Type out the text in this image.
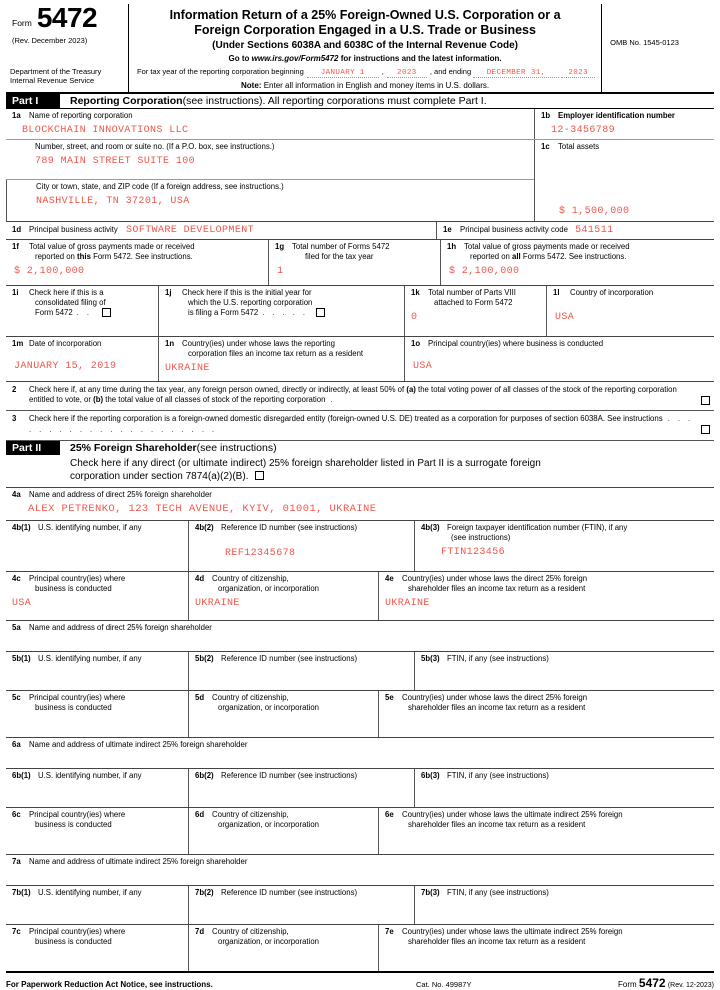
Form 5472
(Rev. December 2023)
Department of the Treasury
Internal Revenue Service
Information Return of a 25% Foreign-Owned U.S. Corporation or a
Foreign Corporation Engaged in a U.S. Trade or Business
(Under Sections 6038A and 6038C of the Internal Revenue Code)
Go to www.irs.gov/Form5472 for instructions and the latest information.
For tax year of the reporting corporation beginning	JANUARY 1	,	2023	, and ending	DECEMBER 31,	2023
Note: Enter all information in English and money items in U.S. dollars.
OMB No. 1545-0123
Part I	Reporting Corporation (see instructions). All reporting corporations must complete Part I.
1a Name of reporting corporation
BLOCKCHAIN INNOVATIONS LLC
1b Employer identification number
12-3456789
Number, street, and room or suite no. (If a P.O. box, see instructions.)
789 MAIN STREET SUITE 100
City or town, state, and ZIP code (If a foreign address, see instructions.)
NASHVILLE, TN 37201, USA
1c Total assets
$ 1,500,000
1d Principal business activity SOFTWARE DEVELOPMENT	1e Principal business activity code 541511
1f Total value of gross payments made or received
reported on this Form 5472. See instructions.
$ 2,100,000
1g Total number of Forms 5472
filed for the tax year
1
1h Total value of gross payments made or received
reported on all Forms 5472. See instructions.
$ 2,100,000
1i Check here if this is a
consolidated filing of
Form 5472 . .
1j Check here if this is the initial year for
which the U.S. reporting corporation
is filing a Form 5472 . . . . .
1k Total number of Parts VIII
attached to Form 5472
0
1l Country of incorporation
USA
1m Date of incorporation
JANUARY 15, 2019
1n Country(ies) under whose laws the reporting
corporation files an income tax return as a resident
UKRAINE
1o Principal country(ies) where business is conducted
USA
2	Check here if, at any time during the tax year, any foreign person owned, directly or indirectly, at least 50% of (a) the total voting power of all classes of the stock of the reporting corporation entitled to vote, or (b) the total value of all classes of stock of the reporting corporation .
3	Check here if the reporting corporation is a foreign-owned domestic disregarded entity (foreign-owned U.S. DE) treated as a corporation for purposes of section 6038A. See instructions . . . . . . . . . . . . . . . . . . . . . .
Part II	25% Foreign Shareholder (see instructions)
Check here if any direct (or ultimate indirect) 25% foreign shareholder listed in Part II is a surrogate foreign
corporation under section 7874(a)(2)(B).
4a Name and address of direct 25% foreign shareholder
ALEX PETRENKO, 123 TECH AVENUE, KYIV, 01001, UKRAINE
4b(1) U.S. identifying number, if any	4b(2) Reference ID number (see instructions)
REF12345678
4b(3) Foreign taxpayer identification number (FTIN), if any
(see instructions)
FTIN123456
4c Principal country(ies) where
business is conducted
USA
4d Country of citizenship,
organization, or incorporation
UKRAINE
4e Country(ies) under whose laws the direct 25% foreign
shareholder files an income tax return as a resident
UKRAINE
5a Name and address of direct 25% foreign shareholder
5b(1) U.S. identifying number, if any	5b(2) Reference ID number (see instructions)	5b(3) FTIN, if any (see instructions)
5c Principal country(ies) where
business is conducted
5d Country of citizenship,
organization, or incorporation
5e Country(ies) under whose laws the direct 25% foreign
shareholder files an income tax return as a resident
6a Name and address of ultimate indirect 25% foreign shareholder
6b(1) U.S. identifying number, if any	6b(2) Reference ID number (see instructions)	6b(3) FTIN, if any (see instructions)
6c Principal country(ies) where
business is conducted
6d Country of citizenship,
organization, or incorporation
6e Country(ies) under whose laws the ultimate indirect 25% foreign
shareholder files an income tax return as a resident
7a Name and address of ultimate indirect 25% foreign shareholder
7b(1) U.S. identifying number, if any	7b(2) Reference ID number (see instructions)	7b(3) FTIN, if any (see instructions)
7c Principal country(ies) where
business is conducted
7d Country of citizenship,
organization, or incorporation
7e Country(ies) under whose laws the ultimate indirect 25% foreign
shareholder files an income tax return as a resident
For Paperwork Reduction Act Notice, see instructions.	Cat. No. 49987Y	Form 5472 (Rev. 12-2023)
